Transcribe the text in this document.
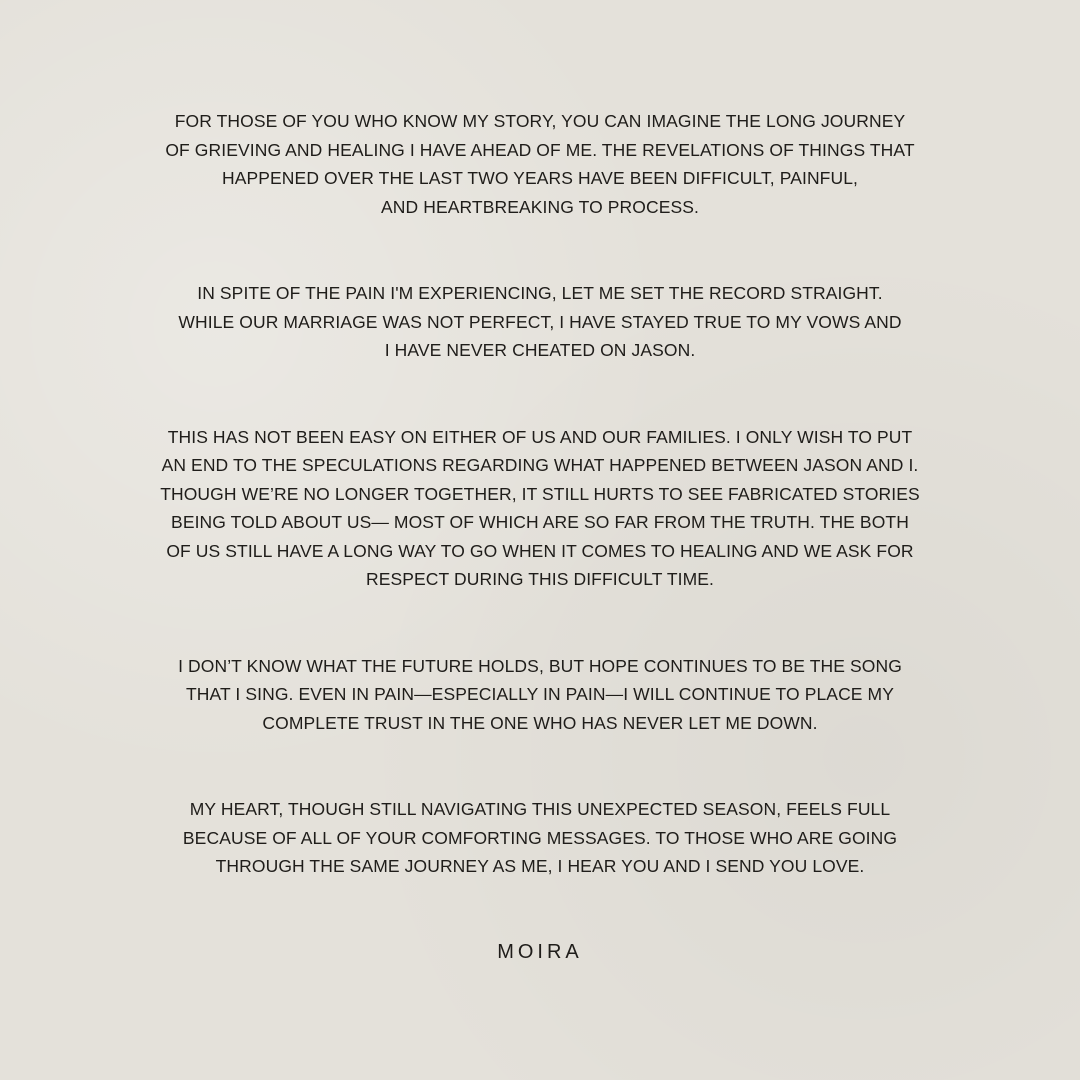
FOR THOSE OF YOU WHO KNOW MY STORY, YOU CAN IMAGINE THE LONG JOURNEY
OF GRIEVING AND HEALING I HAVE AHEAD OF ME. THE REVELATIONS OF THINGS THAT
HAPPENED OVER THE LAST TWO YEARS HAVE BEEN DIFFICULT, PAINFUL,
AND HEARTBREAKING TO PROCESS.

IN SPITE OF THE PAIN I'M EXPERIENCING, LET ME SET THE RECORD STRAIGHT.
WHILE OUR MARRIAGE WAS NOT PERFECT, I HAVE STAYED TRUE TO MY VOWS AND
I HAVE NEVER CHEATED ON JASON.

THIS HAS NOT BEEN EASY ON EITHER OF US AND OUR FAMILIES. I ONLY WISH TO PUT
AN END TO THE SPECULATIONS REGARDING WHAT HAPPENED BETWEEN JASON AND I.
THOUGH WE’RE NO LONGER TOGETHER, IT STILL HURTS TO SEE FABRICATED STORIES
BEING TOLD ABOUT US— MOST OF WHICH ARE SO FAR FROM THE TRUTH. THE BOTH
OF US STILL HAVE A LONG WAY TO GO WHEN IT COMES TO HEALING AND WE ASK FOR
RESPECT DURING THIS DIFFICULT TIME.

I DON’T KNOW WHAT THE FUTURE HOLDS, BUT HOPE CONTINUES TO BE THE SONG
THAT I SING. EVEN IN PAIN—ESPECIALLY IN PAIN—I WILL CONTINUE TO PLACE MY
COMPLETE TRUST IN THE ONE WHO HAS NEVER LET ME DOWN.

MY HEART, THOUGH STILL NAVIGATING THIS UNEXPECTED SEASON, FEELS FULL
BECAUSE OF ALL OF YOUR COMFORTING MESSAGES. TO THOSE WHO ARE GOING
THROUGH THE SAME JOURNEY AS ME, I HEAR YOU AND I SEND YOU LOVE.

MOIRA
